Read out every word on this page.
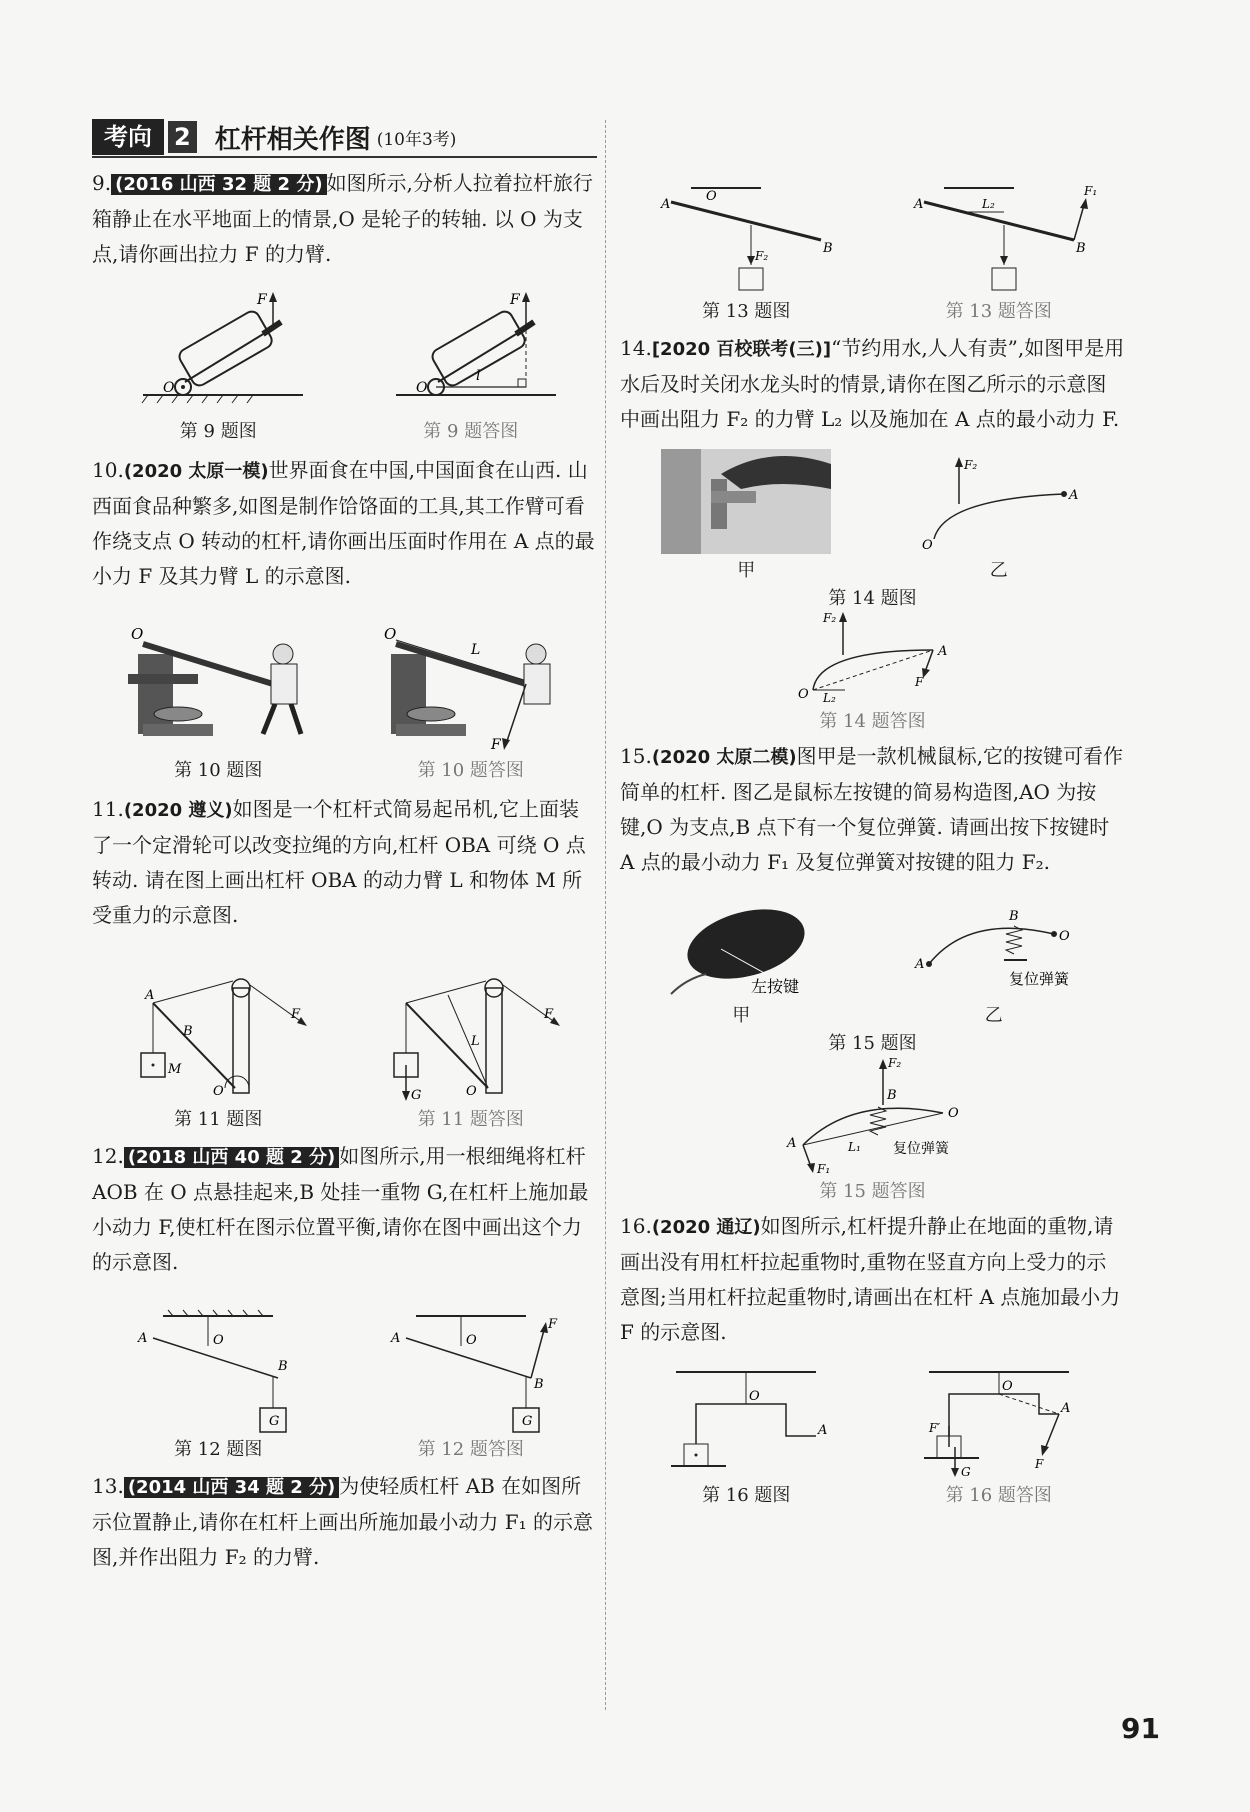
考向 2 杠杆相关作图 (10年3考)

9. (2016 山西 32 题 2 分) 如图所示,分析人拉着拉杆旅行箱静止在水平地面上的情景,O 是轮子的转轴. 以 O 为支点,请你画出拉力 F 的力臂.

F
O
第 9 题图
l
F
O
第 9 题答图

10.(2020 太原一模)世界面食在中国,中国面食在山西. 山西面食品种繁多,如图是制作饸饹面的工具,其工作臂可看作绕支点 O 转动的杠杆,请你画出压面时作用在 A 点的最小力 F 及其力臂 L 的示意图.

O
第 10 题图
L
F
O
第 10 题答图

11.(2020 遵义)如图是一个杠杆式简易起吊机,它上面装了一个定滑轮可以改变拉绳的方向,杠杆 OBA 可绕 O 点转动. 请在图上画出杠杆 OBA 的动力臂 L 和物体 M 所受重力的示意图.

A
B
M
O
F
第 11 题图
L
G	O
F
第 11 题答图

12. (2018 山西 40 题 2 分) 如图所示,用一根细绳将杠杆 AOB 在 O 点悬挂起来,B 处挂一重物 G,在杠杆上施加最小动力 F,使杠杆在图示位置平衡,请你在图中画出这个力的示意图.

G
A	O
B
第 12 题图
G
A	O
B
F
第 12 题答图

13. (2014 山西 34 题 2 分) 为使轻质杠杆 AB 在如图所示位置静止,请你在杠杆上画出所施加最小动力 F₁ 的示意图,并作出阻力 F₂ 的力臂.

A
O
B
F₂
第 13 题图
A	L₂
F₁
B
第 13 题答图

14.[2020 百校联考(三)]“节约用水,人人有责”,如图甲是用水后及时关闭水龙头时的情景,请你在图乙所示的示意图中画出阻力 F₂ 的力臂 L₂ 以及施加在 A 点的最小动力 F.

甲
F₂
A
O
乙
第 14 题图
F₂
A
L₂
F
O
第 14 题答图

15.(2020 太原二模)图甲是一款机械鼠标,它的按键可看作简单的杠杆. 图乙是鼠标左按键的简易构造图,AO 为按键,O 为支点,B 点下有一个复位弹簧. 请画出按下按键时 A 点的最小动力 F₁ 及复位弹簧对按键的阻力 F₂.

左按键
甲
B
O
A
复位弹簧
乙
第 15 题图
F₂
B
O
A	L₁
F₁
复位弹簧
第 15 题答图

16.(2020 通辽)如图所示,杠杆提升静止在地面的重物,请画出没有用杠杆拉起重物时,重物在竖直方向上受力的示意图;当用杠杆拉起重物时,请画出在杠杆 A 点施加最小力 F 的示意图.

O
A
第 16 题图
O
A
F′
G
F
第 16 题答图
91
